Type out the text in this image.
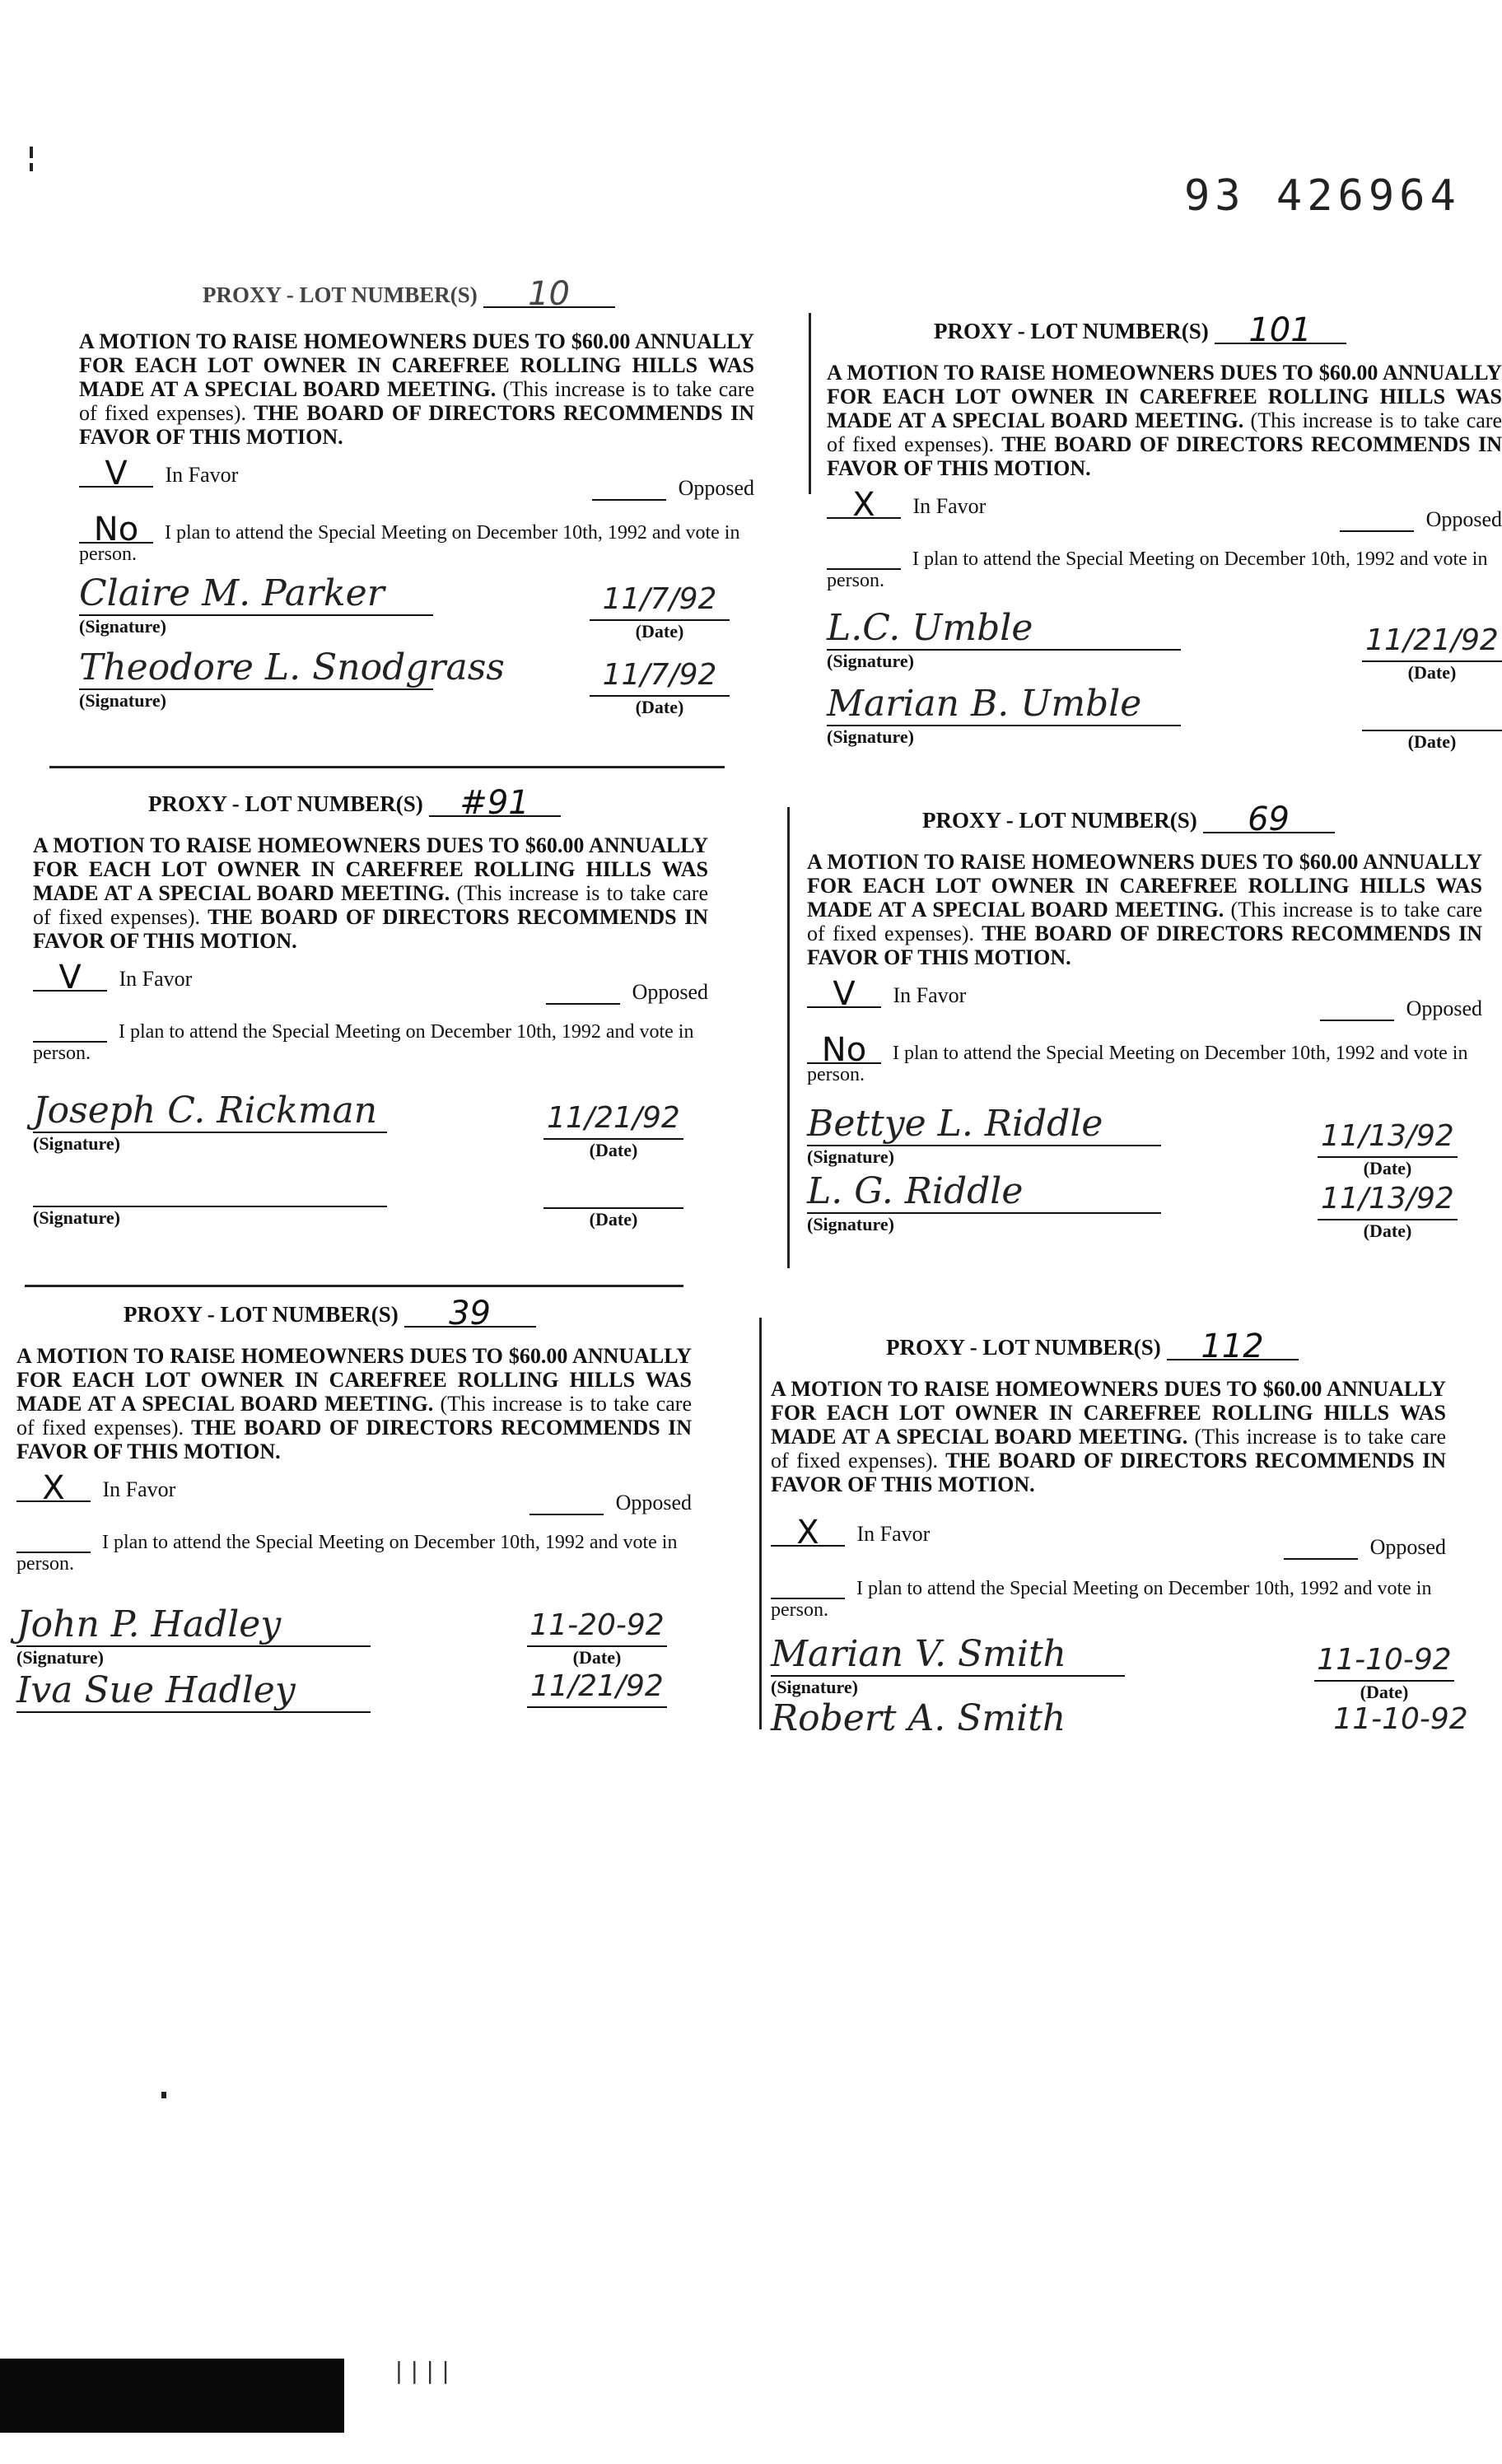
93 426964
PROXY - LOT NUMBER(S) 10
A MOTION TO RAISE HOMEOWNERS DUES TO $60.00 ANNUALLY FOR EACH LOT OWNER IN CAREFREE ROLLING HILLS WAS MADE AT A SPECIAL BOARD MEETING. (This increase is to take care of fixed expenses). THE BOARD OF DIRECTORS RECOMMENDS IN FAVOR OF THIS MOTION.
V In Favor
Opposed
No I plan to attend the Special Meeting on December 10th, 1992 and vote in person.
Claire M. Parker
(Signature)
11/7/92
(Date)
Theodore L. Snodgrass
(Signature)
11/7/92
(Date)
PROXY - LOT NUMBER(S) 101
A MOTION TO RAISE HOMEOWNERS DUES TO $60.00 ANNUALLY FOR EACH LOT OWNER IN CAREFREE ROLLING HILLS WAS MADE AT A SPECIAL BOARD MEETING. (This increase is to take care of fixed expenses). THE BOARD OF DIRECTORS RECOMMENDS IN FAVOR OF THIS MOTION.
X In Favor
Opposed
I plan to attend the Special Meeting on December 10th, 1992 and vote in person.
L.C. Umble
(Signature)
11/21/92
(Date)
Marian B. Umble
(Signature)	(Date)
PROXY - LOT NUMBER(S) #91
A MOTION TO RAISE HOMEOWNERS DUES TO $60.00 ANNUALLY FOR EACH LOT OWNER IN CAREFREE ROLLING HILLS WAS MADE AT A SPECIAL BOARD MEETING. (This increase is to take care of fixed expenses). THE BOARD OF DIRECTORS RECOMMENDS IN FAVOR OF THIS MOTION.
V In Favor
Opposed
I plan to attend the Special Meeting on December 10th, 1992 and vote in person.
Joseph C. Rickman
(Signature)
11/21/92
(Date)
(Signature)	(Date)
PROXY - LOT NUMBER(S) 69
A MOTION TO RAISE HOMEOWNERS DUES TO $60.00 ANNUALLY FOR EACH LOT OWNER IN CAREFREE ROLLING HILLS WAS MADE AT A SPECIAL BOARD MEETING. (This increase is to take care of fixed expenses). THE BOARD OF DIRECTORS RECOMMENDS IN FAVOR OF THIS MOTION.
V In Favor
Opposed
No I plan to attend the Special Meeting on December 10th, 1992 and vote in person.
Bettye L. Riddle
(Signature)
11/13/92
(Date)
L. G. Riddle
(Signature)
11/13/92
(Date)
PROXY - LOT NUMBER(S) 39
A MOTION TO RAISE HOMEOWNERS DUES TO $60.00 ANNUALLY FOR EACH LOT OWNER IN CAREFREE ROLLING HILLS WAS MADE AT A SPECIAL BOARD MEETING. (This increase is to take care of fixed expenses). THE BOARD OF DIRECTORS RECOMMENDS IN FAVOR OF THIS MOTION.
X In Favor
Opposed
I plan to attend the Special Meeting on December 10th, 1992 and vote in person.
John P. Hadley
(Signature)
11-20-92
(Date)
Iva Sue Hadley	11/21/92
PROXY - LOT NUMBER(S) 112
A MOTION TO RAISE HOMEOWNERS DUES TO $60.00 ANNUALLY FOR EACH LOT OWNER IN CAREFREE ROLLING HILLS WAS MADE AT A SPECIAL BOARD MEETING. (This increase is to take care of fixed expenses). THE BOARD OF DIRECTORS RECOMMENDS IN FAVOR OF THIS MOTION.
X In Favor
Opposed
I plan to attend the Special Meeting on December 10th, 1992 and vote in person.
Marian V. Smith
(Signature)
11-10-92
(Date)
Robert A. Smith	11-10-92
||||
